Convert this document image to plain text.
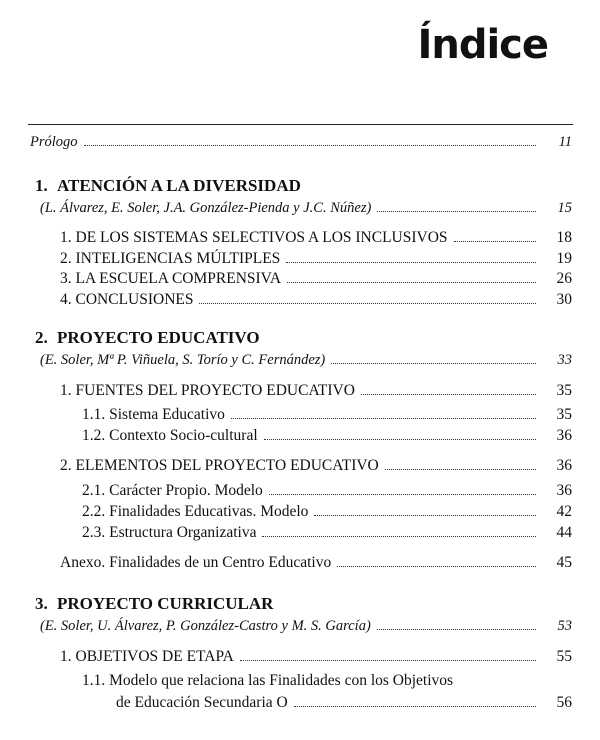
Índice
Prólogo	11
1. ATENCIÓN A LA DIVERSIDAD
(L. Álvarez, E. Soler, J.A. González-Pienda y J.C. Núñez)	15
1. DE LOS SISTEMAS SELECTIVOS A LOS INCLUSIVOS	18
2. INTELIGENCIAS MÚLTIPLES	19
3. LA ESCUELA COMPRENSIVA	26
4. CONCLUSIONES	30
2. PROYECTO EDUCATIVO
(E. Soler, Mª P. Viñuela, S. Torío y C. Fernández)	33
1. FUENTES DEL PROYECTO EDUCATIVO	35
1.1. Sistema Educativo	35
1.2. Contexto Socio-cultural	36
2. ELEMENTOS DEL PROYECTO EDUCATIVO	36
2.1. Carácter Propio. Modelo	36
2.2. Finalidades Educativas. Modelo	42
2.3. Estructura Organizativa	44
Anexo. Finalidades de un Centro Educativo	45
3. PROYECTO CURRICULAR
(E. Soler, U. Álvarez, P. González-Castro y M. S. García)	53
1. OBJETIVOS DE ETAPA	55
1.1. Modelo que relaciona las Finalidades con los Objetivos
de Educación Secundaria O	56
